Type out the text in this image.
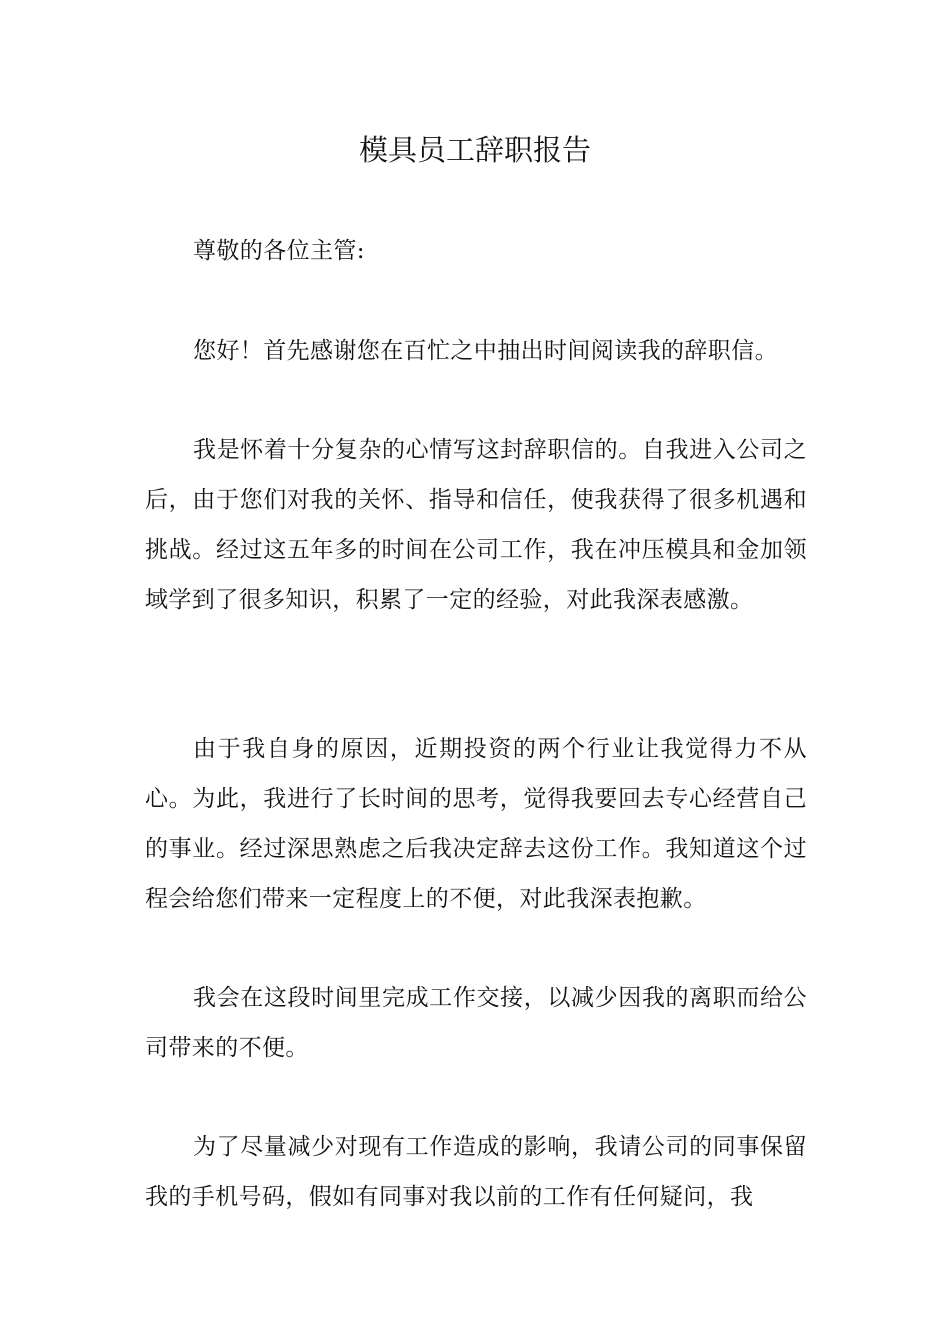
模具员工辞职报告

尊敬的各位主管:

您好！首先感谢您在百忙之中抽出时间阅读我的辞职信。

我是怀着十分复杂的心情写这封辞职信的。自我进入公司之后，由于您们对我的关怀、指导和信任，使我获得了很多机遇和挑战。经过这五年多的时间在公司工作，我在冲压模具和金加领域学到了很多知识，积累了一定的经验，对此我深表感激。

由于我自身的原因，近期投资的两个行业让我觉得力不从心。为此，我进行了长时间的思考，觉得我要回去专心经营自己的事业。经过深思熟虑之后我决定辞去这份工作。我知道这个过程会给您们带来一定程度上的不便，对此我深表抱歉。

我会在这段时间里完成工作交接，以减少因我的离职而给公司带来的不便。

为了尽量减少对现有工作造成的影响，我请公司的同事保留我的手机号码，假如有同事对我以前的工作有任何疑问，我
